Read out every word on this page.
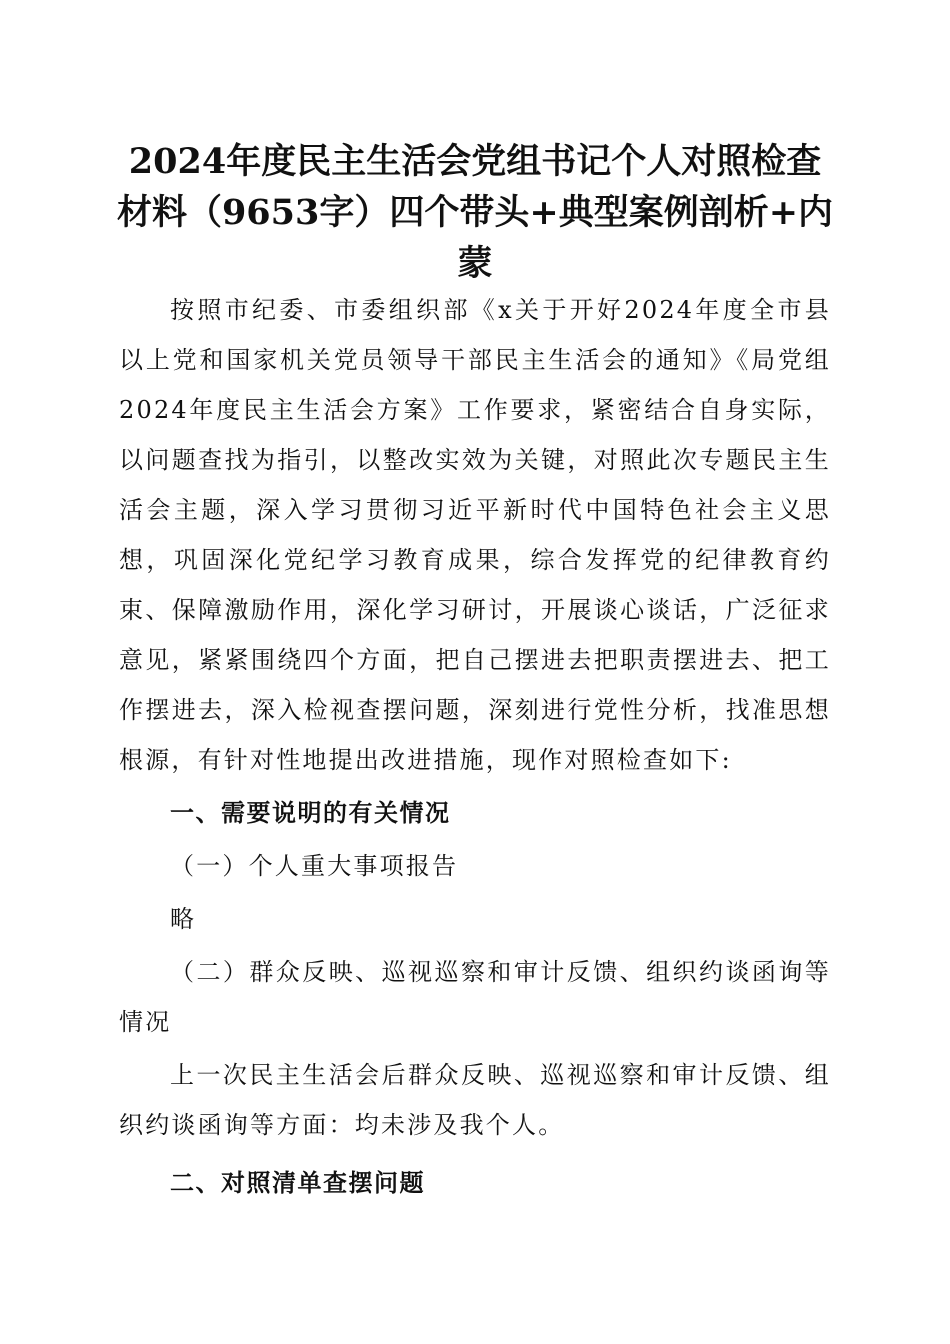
2024年度民主生活会党组书记个人对照检查
材料（9653字）四个带头+典型案例剖析+内
蒙

按照市纪委、市委组织部《x关于开好2024年度全市县以上党和国家机关党员领导干部民主生活会的通知》《局党组2024年度民主生活会方案》工作要求，紧密结合自身实际，以问题查找为指引，以整改实效为关键，对照此次专题民主生活会主题，深入学习贯彻习近平新时代中国特色社会主义思想，巩固深化党纪学习教育成果，综合发挥党的纪律教育约束、保障激励作用，深化学习研讨，开展谈心谈话，广泛征求意见，紧紧围绕四个方面，把自己摆进去把职责摆进去、把工作摆进去，深入检视查摆问题，深刻进行党性分析，找准思想根源，有针对性地提出改进措施，现作对照检查如下:

一、需要说明的有关情况

（一）个人重大事项报告

略

（二）群众反映、巡视巡察和审计反馈、组织约谈函询等情况

上一次民主生活会后群众反映、巡视巡察和审计反馈、组织约谈函询等方面：均未涉及我个人。

二、对照清单查摆问题
